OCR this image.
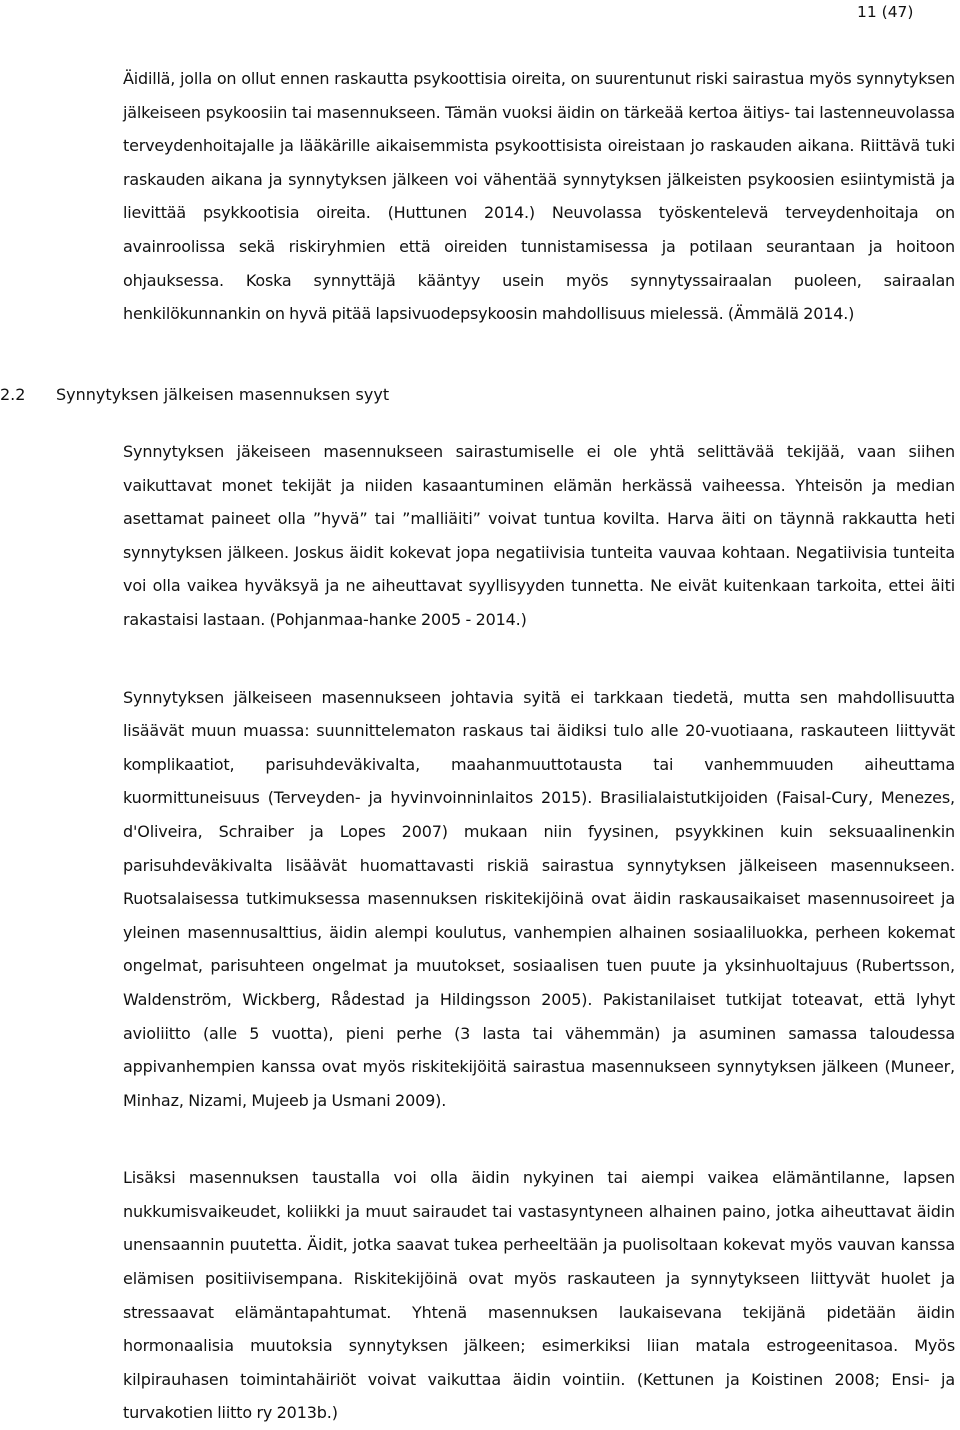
11 (47)

Äidillä, jolla on ollut ennen raskautta psykoottisia oireita, on suurentunut riski sairastua myös synnytyksen jälkeiseen psykoosiin tai masennukseen. Tämän vuoksi äidin on tärkeää kertoa äitiys- tai lastenneuvolassa terveydenhoitajalle ja lääkärille aikaisemmista psykoottisista oireistaan jo raskauden aikana. Riittävä tuki raskauden aikana ja synnytyksen jälkeen voi vähentää synnytyksen jälkeisten psykoosien esiintymistä ja lievittää psykkootisia oireita. (Huttunen 2014.) Neuvolassa työskentelevä terveydenhoitaja on avainroolissa sekä riskiryhmien että oireiden tunnistamisessa ja potilaan seurantaan ja hoitoon ohjauksessa. Koska synnyttäjä kääntyy usein myös synnytyssairaalan puoleen, sairaalan henkilökunnankin on hyvä pitää lapsivuodepsykoosin mahdollisuus mielessä. (Ämmälä 2014.)

2.2 Synnytyksen jälkeisen masennuksen syyt

Synnytyksen jäkeiseen masennukseen sairastumiselle ei ole yhtä selittävää tekijää, vaan siihen vaikuttavat monet tekijät ja niiden kasaantuminen elämän herkässä vaiheessa. Yhteisön ja median asettamat paineet olla ”hyvä” tai ”malliäiti” voivat tuntua kovilta. Harva äiti on täynnä rakkautta heti synnytyksen jälkeen. Joskus äidit kokevat jopa negatiivisia tunteita vauvaa kohtaan. Negatiivisia tunteita voi olla vaikea hyväksyä ja ne aiheuttavat syyllisyyden tunnetta. Ne eivät kuitenkaan tarkoita, ettei äiti rakastaisi lastaan. (Pohjanmaa-hanke 2005 - 2014.)

Synnytyksen jälkeiseen masennukseen johtavia syitä ei tarkkaan tiedetä, mutta sen mahdollisuutta lisäävät muun muassa: suunnittelematon raskaus tai äidiksi tulo alle 20-vuotiaana, raskauteen liittyvät komplikaatiot, parisuhdeväkivalta, maahanmuuttotausta tai vanhemmuuden aiheuttama kuormittuneisuus (Terveyden- ja hyvinvoinninlaitos 2015). Brasilialaistutkijoiden (Faisal-Cury, Menezes, d'Oliveira, Schraiber ja Lopes 2007) mukaan niin fyysinen, psyykkinen kuin seksuaalinenkin parisuhdeväkivalta lisäävät huomattavasti riskiä sairastua synnytyksen jälkeiseen masennukseen. Ruotsalaisessa tutkimuksessa masennuksen riskitekijöinä ovat äidin raskausaikaiset masennusoireet ja yleinen masennusalttius, äidin alempi koulutus, vanhempien alhainen sosiaaliluokka, perheen kokemat ongelmat, parisuhteen ongelmat ja muutokset, sosiaalisen tuen puute ja yksinhuoltajuus (Rubertsson, Waldenström, Wickberg, Rådestad ja Hildingsson 2005). Pakistanilaiset tutkijat toteavat, että lyhyt avioliitto (alle 5 vuotta), pieni perhe (3 lasta tai vähemmän) ja asuminen samassa taloudessa appivanhempien kanssa ovat myös riskitekijöitä sairastua masennukseen synnytyksen jälkeen (Muneer, Minhaz, Nizami, Mujeeb ja Usmani 2009).

Lisäksi masennuksen taustalla voi olla äidin nykyinen tai aiempi vaikea elämäntilanne, lapsen nukkumisvaikeudet, koliikki ja muut sairaudet tai vastasyntyneen alhainen paino, jotka aiheuttavat äidin unensaannin puutetta. Äidit, jotka saavat tukea perheeltään ja puolisoltaan kokevat myös vauvan kanssa elämisen positiivisempana. Riskitekijöinä ovat myös raskauteen ja synnytykseen liittyvät huolet ja stressaavat elämäntapahtumat. Yhtenä masennuksen laukaisevana tekijänä pidetään äidin hormonaalisia muutoksia synnytyksen jälkeen; esimerkiksi liian matala estrogeenitasoa. Myös kilpirauhasen toimintahäiriöt voivat vaikuttaa äidin vointiin. (Kettunen ja Koistinen 2008; Ensi- ja turvakotien liitto ry 2013b.)
